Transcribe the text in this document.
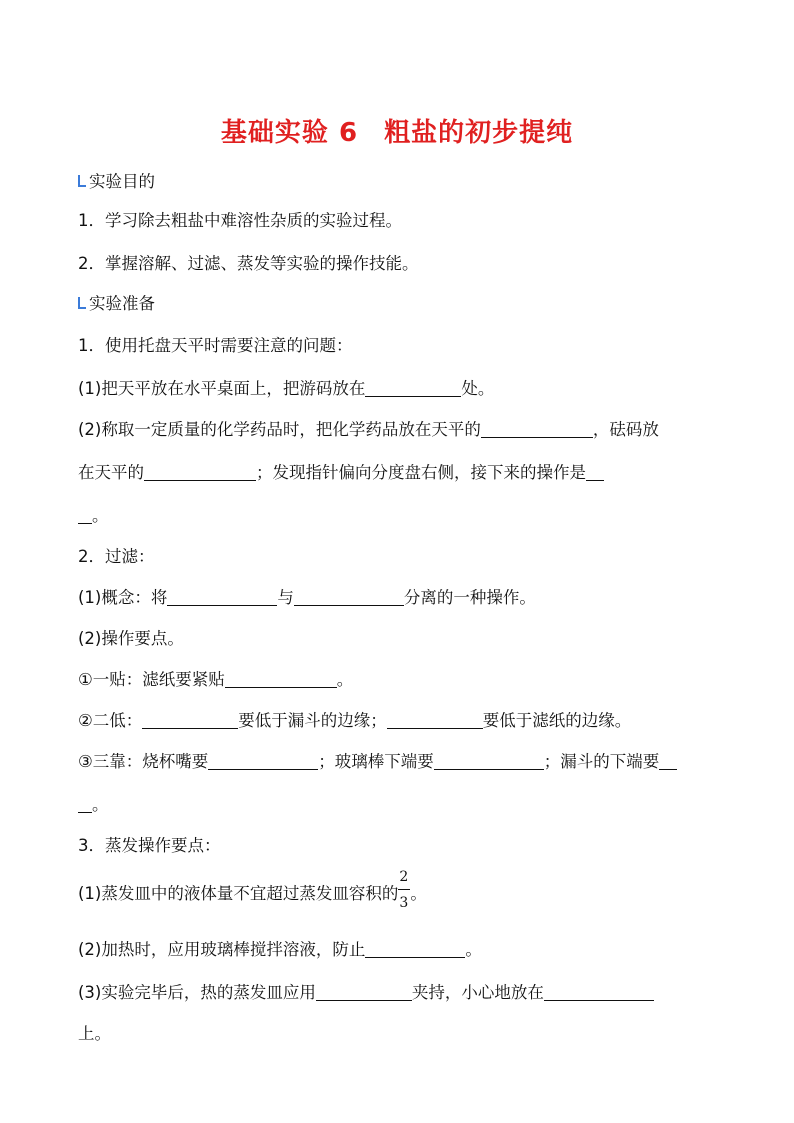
基础实验 6 粗盐的初步提纯
实验目的
1．学习除去粗盐中难溶性杂质的实验过程。
2．掌握溶解、过滤、蒸发等实验的操作技能。
实验准备
1．使用托盘天平时需要注意的问题：
(1)把天平放在水平桌面上，把游码放在	处。
(2)称取一定质量的化学药品时，把化学药品放在天平的	，砝码放
在天平的	；发现指针偏向分度盘右侧，接下来的操作是
。
2．过滤：
(1)概念：将	与	分离的一种操作。
(2)操作要点。
①一贴：滤纸要紧贴	。
②二低：	要低于漏斗的边缘；	要低于滤纸的边缘。
③三靠：烧杯嘴要	；玻璃棒下端要	；漏斗的下端要
。
3．蒸发操作要点：
(1)蒸发皿中的液体量不宜超过蒸发皿容积的 $\frac{2}{3}$ 。
(2)加热时，应用玻璃棒搅拌溶液，防止	。
(3)实验完毕后，热的蒸发皿应用	夹持，小心地放在
上。
